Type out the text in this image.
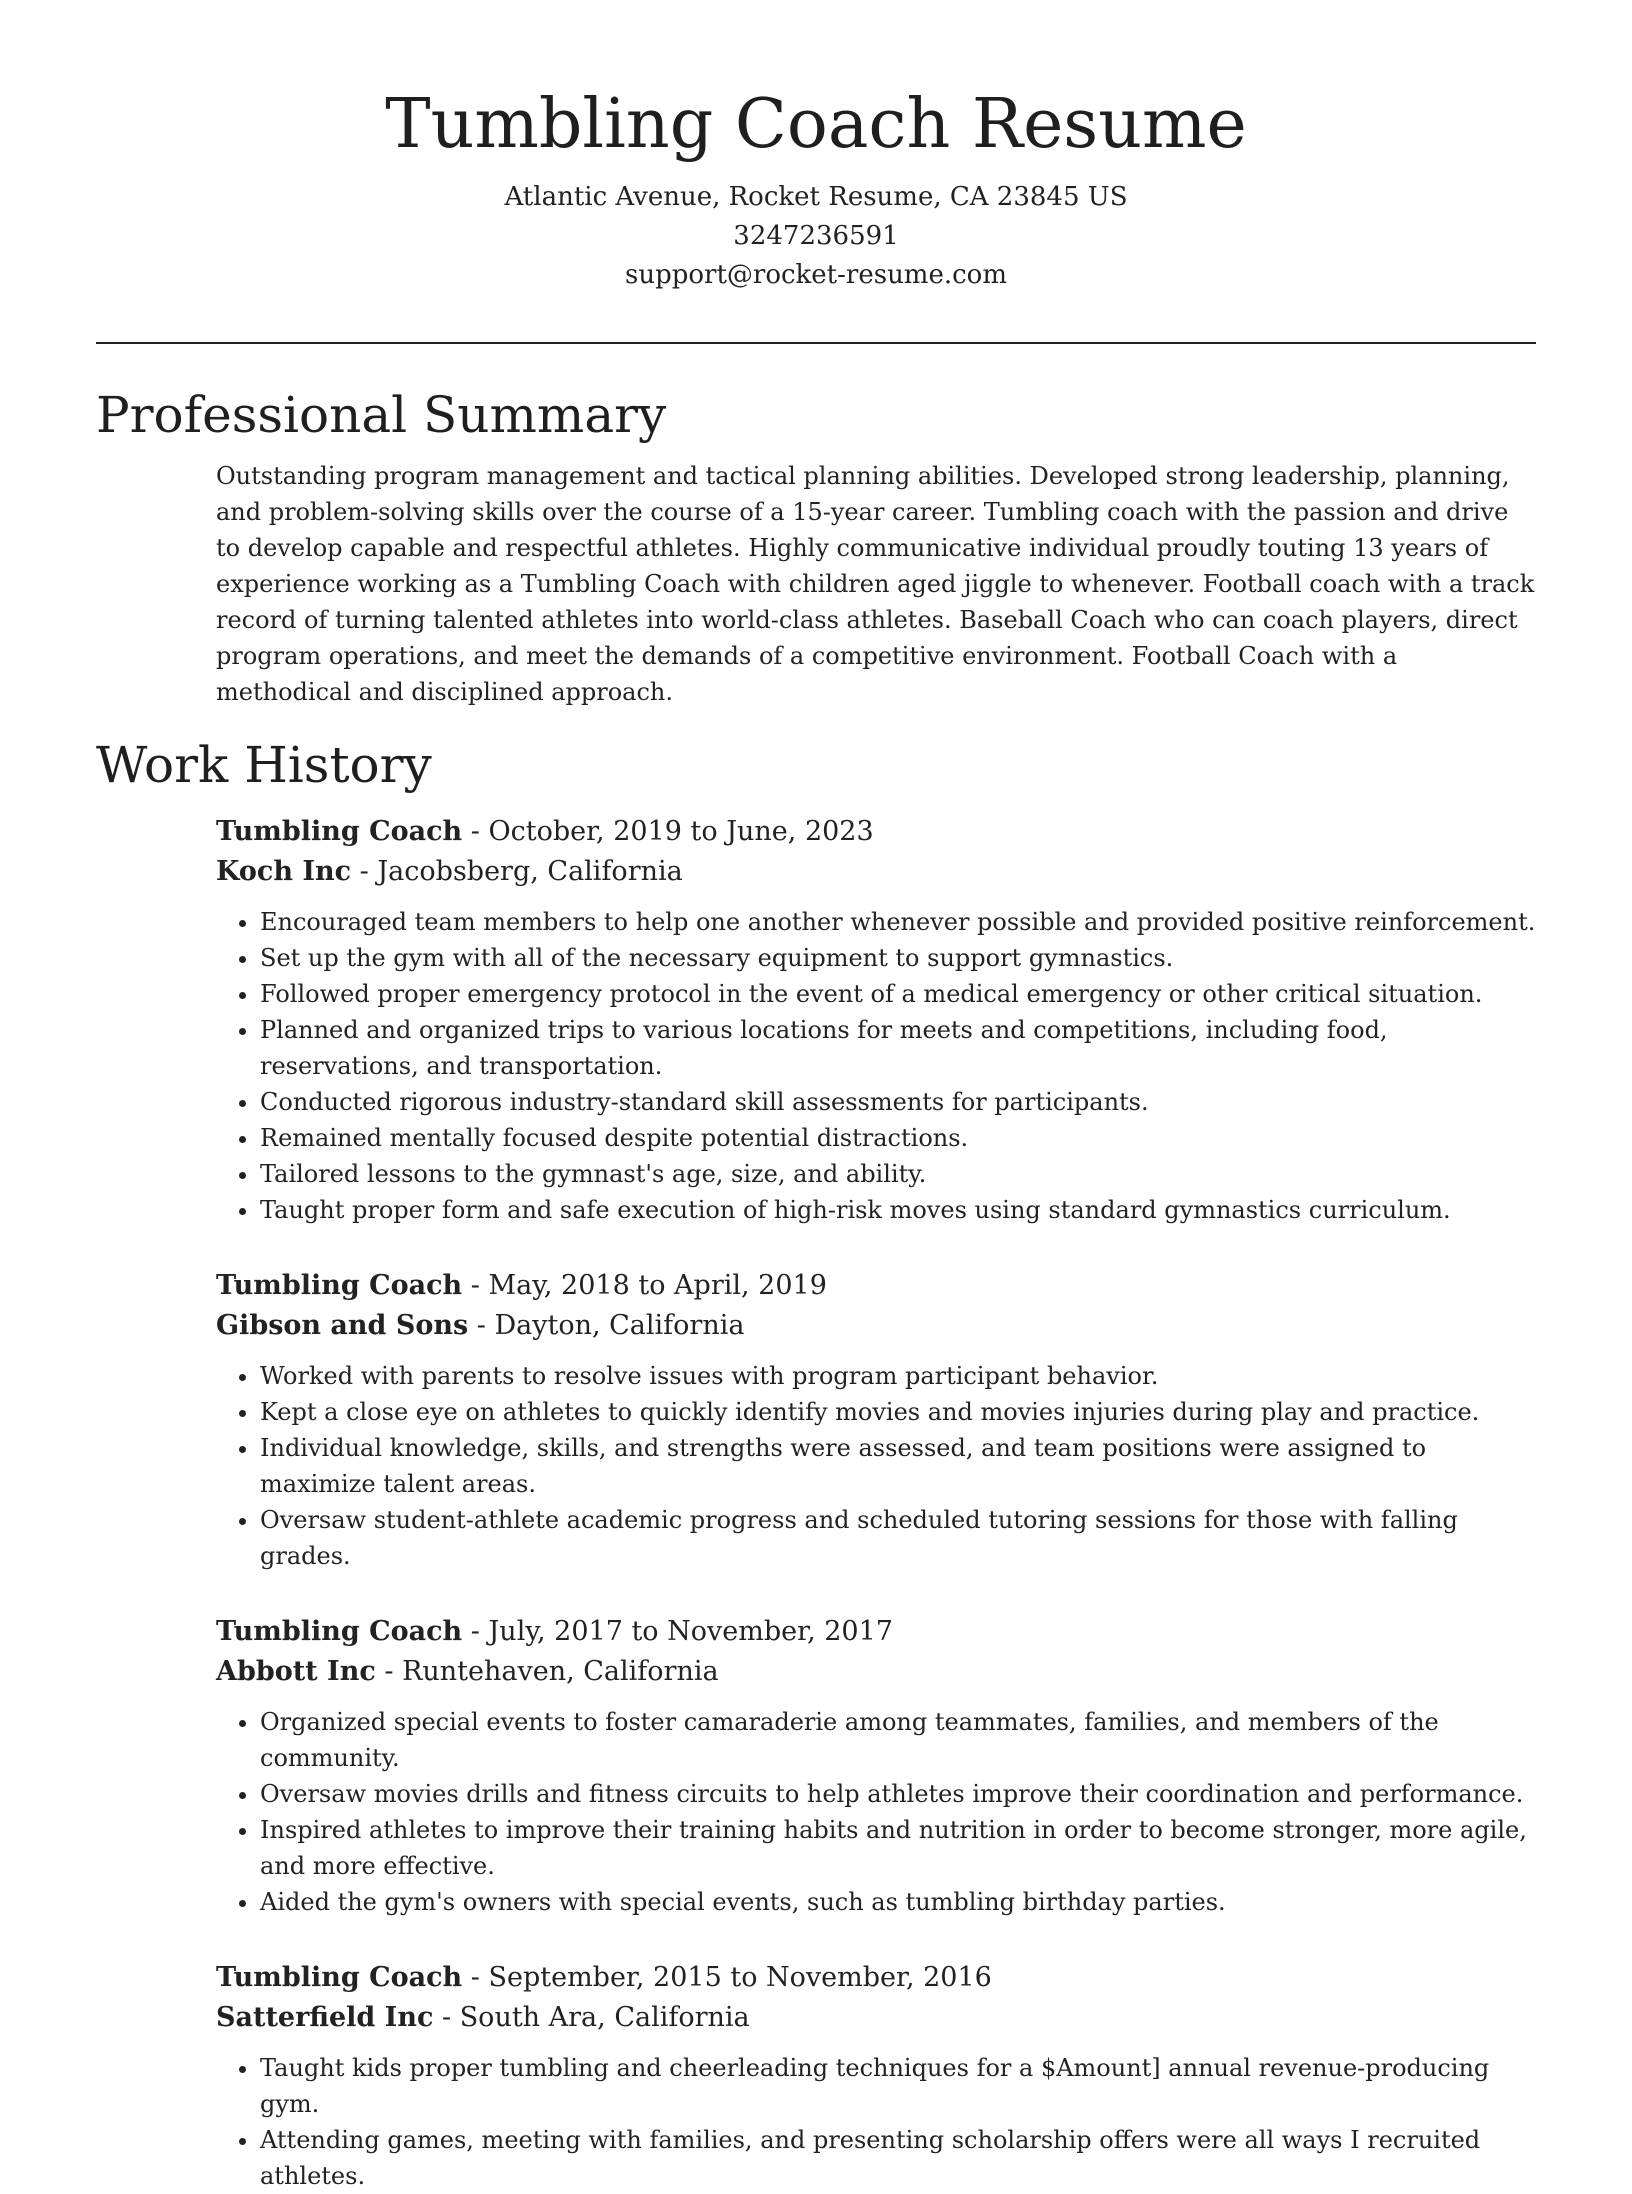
Tumbling Coach Resume

Atlantic Avenue, Rocket Resume, CA 23845 US

3247236591

support@rocket-resume.com

Professional Summary

Outstanding program management and tactical planning abilities. Developed strong leadership, planning, and problem-solving skills over the course of a 15-year career. Tumbling coach with the passion and drive to develop capable and respectful athletes. Highly communicative individual proudly touting 13 years of experience working as a Tumbling Coach with children aged jiggle to whenever. Football coach with a track record of turning talented athletes into world-class athletes. Baseball Coach who can coach players, direct program operations, and meet the demands of a competitive environment. Football Coach with a methodical and disciplined approach.

Work History

Tumbling Coach - October, 2019 to June, 2023

Koch Inc - Jacobsberg, California

• Encouraged team members to help one another whenever possible and provided positive reinforcement.
• Set up the gym with all of the necessary equipment to support gymnastics.
• Followed proper emergency protocol in the event of a medical emergency or other critical situation.
• Planned and organized trips to various locations for meets and competitions, including food, reservations, and transportation.
• Conducted rigorous industry-standard skill assessments for participants.
• Remained mentally focused despite potential distractions.
• Tailored lessons to the gymnast's age, size, and ability.
• Taught proper form and safe execution of high-risk moves using standard gymnastics curriculum.

Tumbling Coach - May, 2018 to April, 2019

Gibson and Sons - Dayton, California

• Worked with parents to resolve issues with program participant behavior.
• Kept a close eye on athletes to quickly identify movies and movies injuries during play and practice.
• Individual knowledge, skills, and strengths were assessed, and team positions were assigned to maximize talent areas.
• Oversaw student-athlete academic progress and scheduled tutoring sessions for those with falling grades.

Tumbling Coach - July, 2017 to November, 2017

Abbott Inc - Runtehaven, California

• Organized special events to foster camaraderie among teammates, families, and members of the community.
• Oversaw movies drills and fitness circuits to help athletes improve their coordination and performance.
• Inspired athletes to improve their training habits and nutrition in order to become stronger, more agile, and more effective.
• Aided the gym's owners with special events, such as tumbling birthday parties.

Tumbling Coach - September, 2015 to November, 2016

Satterfield Inc - South Ara, California

• Taught kids proper tumbling and cheerleading techniques for a $Amount] annual revenue-producing gym.
• Attending games, meeting with families, and presenting scholarship offers were all ways I recruited athletes.
